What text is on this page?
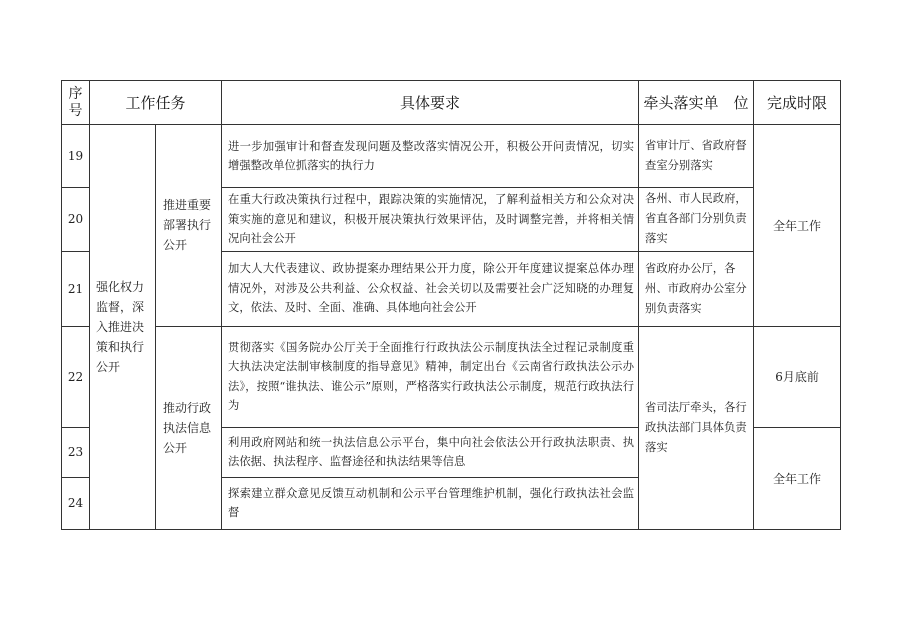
序号	工作任务		具体要求	牵头落实单　位	完成时限
19	强化权力监督，深入推进决策和执行公开	推进重要部署执行公开	进一步加强审计和督查发现问题及整改落实情况公开，积极公开问责情况，切实增强整改单位抓落实的执行力	省审计厅、省政府督查室分别落实	全年工作
20			在重大行政决策执行过程中，跟踪决策的实施情况，了解利益相关方和公众对决策实施的意见和建议，积极开展决策执行效果评估，及时调整完善，并将相关情况向社会公开	各州、市人民政府，省直各部门分别负责落实	
21			加大人大代表建议、政协提案办理结果公开力度，除公开年度建议提案总体办理情况外，对涉及公共利益、公众权益、社会关切以及需要社会广泛知晓的办理复文，依法、及时、全面、准确、具体地向社会公开	省政府办公厅，各州、市政府办公室分别负责落实	
22		推动行政执法信息公开	贯彻落实《国务院办公厅关于全面推行行政执法公示制度执法全过程记录制度重大执法决定法制审核制度的指导意见》精神，制定出台《云南省行政执法公示办法》，按照“谁执法、谁公示”原则，严格落实行政执法公示制度，规范行政执法行为	省司法厅牵头，各行政执法部门具体负责落实	6月底前
23			利用政府网站和统一执法信息公示平台，集中向社会依法公开行政执法职责、执法依据、执法程序、监督途径和执法结果等信息		全年工作
24			探索建立群众意见反馈互动机制和公示平台管理维护机制，强化行政执法社会监督		
